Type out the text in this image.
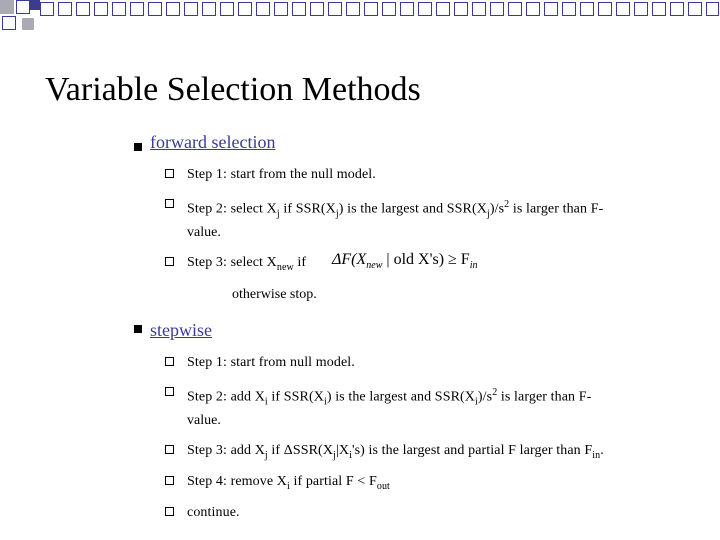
Variable Selection Methods
forward selection
Step 1: start from the null model.
Step 2: select $X_j$ if $SSR(X_j)$ is the largest and $SSR(X_j)/s^2$ is larger than F-
value.
Step 3: select $X_{new}$ if $\Delta F(X_{new}$ | old $X's) \ge F_{in}$
otherwise stop.
stepwise
Step 1: start from null model.
Step 2: add $X_i$ if $SSR(X_i)$ is the largest and $SSR(X_i)/s^2$ is larger than F-
value.
Step 3: add $X_j$ if $\Delta SSR(X_j|X_i's)$ is the largest and partial F larger than $F_{in}$.
Step 4: remove $X_i$ if partial $F < F_{out}$
continue.
